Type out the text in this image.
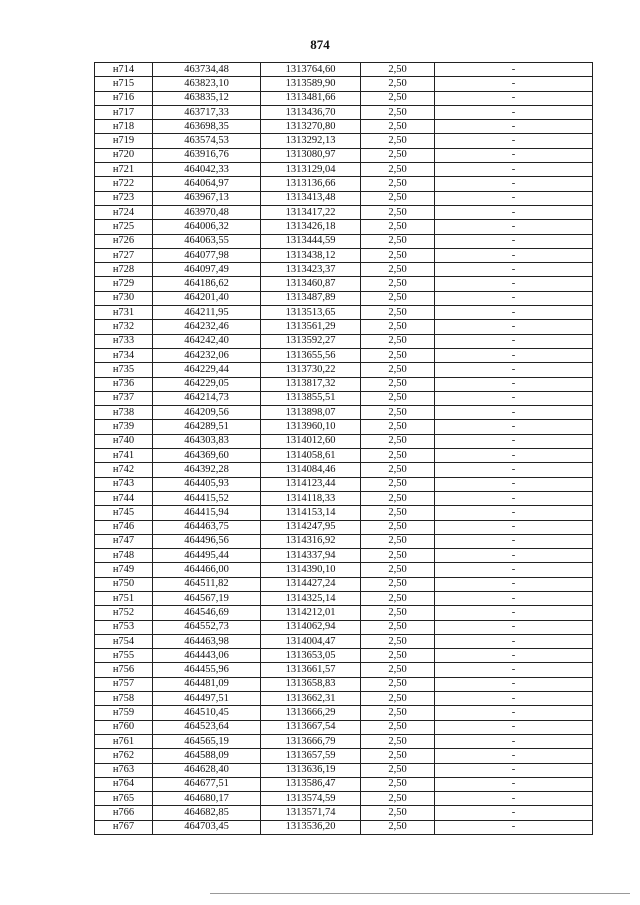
874
н714	463734,48	1313764,60	2,50	-
н715	463823,10	1313589,90	2,50	-
н716	463835,12	1313481,66	2,50	-
н717	463717,33	1313436,70	2,50	-
н718	463698,35	1313270,80	2,50	-
н719	463574,53	1313292,13	2,50	-
н720	463916,76	1313080,97	2,50	-
н721	464042,33	1313129,04	2,50	-
н722	464064,97	1313136,66	2,50	-
н723	463967,13	1313413,48	2,50	-
н724	463970,48	1313417,22	2,50	-
н725	464006,32	1313426,18	2,50	-
н726	464063,55	1313444,59	2,50	-
н727	464077,98	1313438,12	2,50	-
н728	464097,49	1313423,37	2,50	-
н729	464186,62	1313460,87	2,50	-
н730	464201,40	1313487,89	2,50	-
н731	464211,95	1313513,65	2,50	-
н732	464232,46	1313561,29	2,50	-
н733	464242,40	1313592,27	2,50	-
н734	464232,06	1313655,56	2,50	-
н735	464229,44	1313730,22	2,50	-
н736	464229,05	1313817,32	2,50	-
н737	464214,73	1313855,51	2,50	-
н738	464209,56	1313898,07	2,50	-
н739	464289,51	1313960,10	2,50	-
н740	464303,83	1314012,60	2,50	-
н741	464369,60	1314058,61	2,50	-
н742	464392,28	1314084,46	2,50	-
н743	464405,93	1314123,44	2,50	-
н744	464415,52	1314118,33	2,50	-
н745	464415,94	1314153,14	2,50	-
н746	464463,75	1314247,95	2,50	-
н747	464496,56	1314316,92	2,50	-
н748	464495,44	1314337,94	2,50	-
н749	464466,00	1314390,10	2,50	-
н750	464511,82	1314427,24	2,50	-
н751	464567,19	1314325,14	2,50	-
н752	464546,69	1314212,01	2,50	-
н753	464552,73	1314062,94	2,50	-
н754	464463,98	1314004,47	2,50	-
н755	464443,06	1313653,05	2,50	-
н756	464455,96	1313661,57	2,50	-
н757	464481,09	1313658,83	2,50	-
н758	464497,51	1313662,31	2,50	-
н759	464510,45	1313666,29	2,50	-
н760	464523,64	1313667,54	2,50	-
н761	464565,19	1313666,79	2,50	-
н762	464588,09	1313657,59	2,50	-
н763	464628,40	1313636,19	2,50	-
н764	464677,51	1313586,47	2,50	-
н765	464680,17	1313574,59	2,50	-
н766	464682,85	1313571,74	2,50	-
н767	464703,45	1313536,20	2,50	-
